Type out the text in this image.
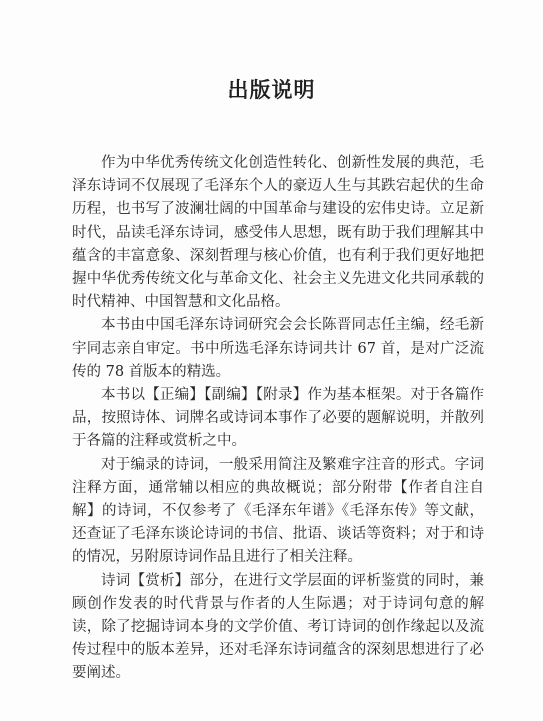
出版说明

作为中华优秀传统文化创造性转化、创新性发展的典范，毛泽东诗词不仅展现了毛泽东个人的豪迈人生与其跌宕起伏的生命历程，也书写了波澜壮阔的中国革命与建设的宏伟史诗。立足新时代，品读毛泽东诗词，感受伟人思想，既有助于我们理解其中蕴含的丰富意象、深刻哲理与核心价值，也有利于我们更好地把握中华优秀传统文化与革命文化、社会主义先进文化共同承载的时代精神、中国智慧和文化品格。

本书由中国毛泽东诗词研究会会长陈晋同志任主编，经毛新宇同志亲自审定。书中所选毛泽东诗词共计 67 首，是对广泛流传的 78 首版本的精选。

本书以【正编】【副编】【附录】作为基本框架。对于各篇作品，按照诗体、词牌名或诗词本事作了必要的题解说明，并散列于各篇的注释或赏析之中。

对于编录的诗词，一般采用简注及繁难字注音的形式。字词注释方面，通常辅以相应的典故概说；部分附带【作者自注自解】的诗词，不仅参考了《毛泽东年谱》《毛泽东传》等文献，还查证了毛泽东谈论诗词的书信、批语、谈话等资料；对于和诗的情况，另附原诗词作品且进行了相关注释。

诗词【赏析】部分，在进行文学层面的评析鉴赏的同时，兼顾创作发表的时代背景与作者的人生际遇；对于诗词句意的解读，除了挖掘诗词本身的文学价值、考订诗词的创作缘起以及流传过程中的版本差异，还对毛泽东诗词蕴含的深刻思想进行了必要阐述。
